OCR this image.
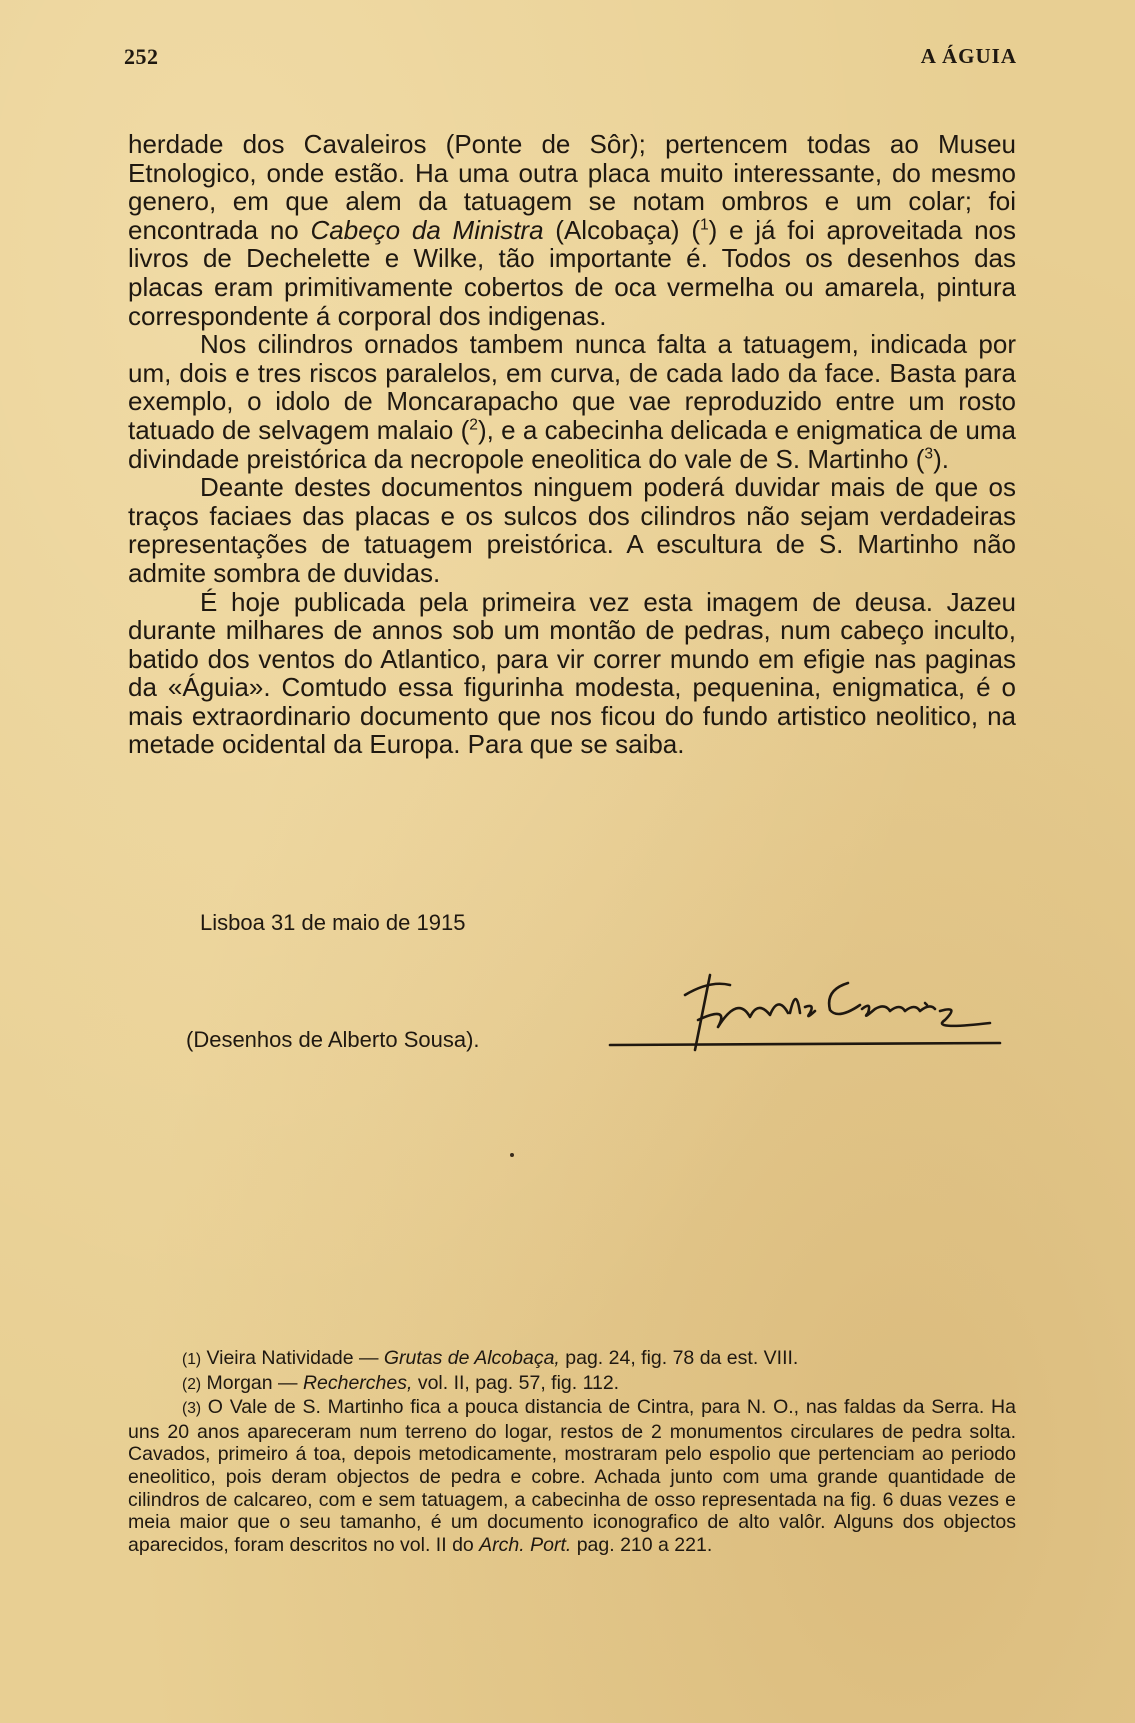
252	A ÁGUIA

herdade dos Cavaleiros (Ponte de Sôr); pertencem todas ao Museu Etnologico, onde estão. Ha uma outra placa muito interessante, do mesmo genero, em que alem da tatuagem se notam ombros e um colar; foi encontrada no Cabeço da Ministra (Alcobaça) ($^1$) e já foi aproveitada nos livros de Dechelette e Wilke, tão importante é. Todos os desenhos das placas eram primitivamente cobertos de oca vermelha ou amarela, pintura correspondente á corporal dos indigenas.

Nos cilindros ornados tambem nunca falta a tatuagem, indicada por um, dois e tres riscos paralelos, em curva, de cada lado da face. Basta para exemplo, o idolo de Moncarapacho que vae reproduzido entre um rosto tatuado de selvagem malaio ($^2$), e a cabecinha delicada e enigmatica de uma divindade preistórica da necropole eneolitica do vale de S. Martinho ($^3$).

Deante destes documentos ninguem poderá duvidar mais de que os traços faciaes das placas e os sulcos dos cilindros não sejam verdadeiras representações de tatuagem preistórica. A escultura de S. Martinho não admite sombra de duvidas.

É hoje publicada pela primeira vez esta imagem de deusa. Jazeu durante milhares de annos sob um montão de pedras, num cabeço inculto, batido dos ventos do Atlantico, para vir correr mundo em efigie nas paginas da «Águia». Comtudo essa figurinha modesta, pequenina, enigmatica, é o mais extraordinario documento que nos ficou do fundo artistico neolitico, na metade ocidental da Europa. Para que se saiba.

Lisboa 31 de maio de 1915
(Desenhos de Alberto Sousa).

(1) Vieira Natividade — Grutas de Alcobaça, pag. 24, fig. 78 da est. VIII.

(2) Morgan — Recherches, vol. II, pag. 57, fig. 112.

(3) O Vale de S. Martinho fica a pouca distancia de Cintra, para N. O., nas faldas da Serra. Ha uns 20 anos apareceram num terreno do logar, restos de 2 monumentos circulares de pedra solta. Cavados, primeiro á toa, depois metodicamente, mostraram pelo espolio que pertenciam ao periodo eneolitico, pois deram objectos de pedra e cobre. Achada junto com uma grande quantidade de cilindros de calcareo, com e sem tatuagem, a cabecinha de osso representada na fig. 6 duas vezes e meia maior que o seu tamanho, é um documento iconografico de alto valôr. Alguns dos objectos aparecidos, foram descritos no vol. II do Arch. Port. pag. 210 a 221.
